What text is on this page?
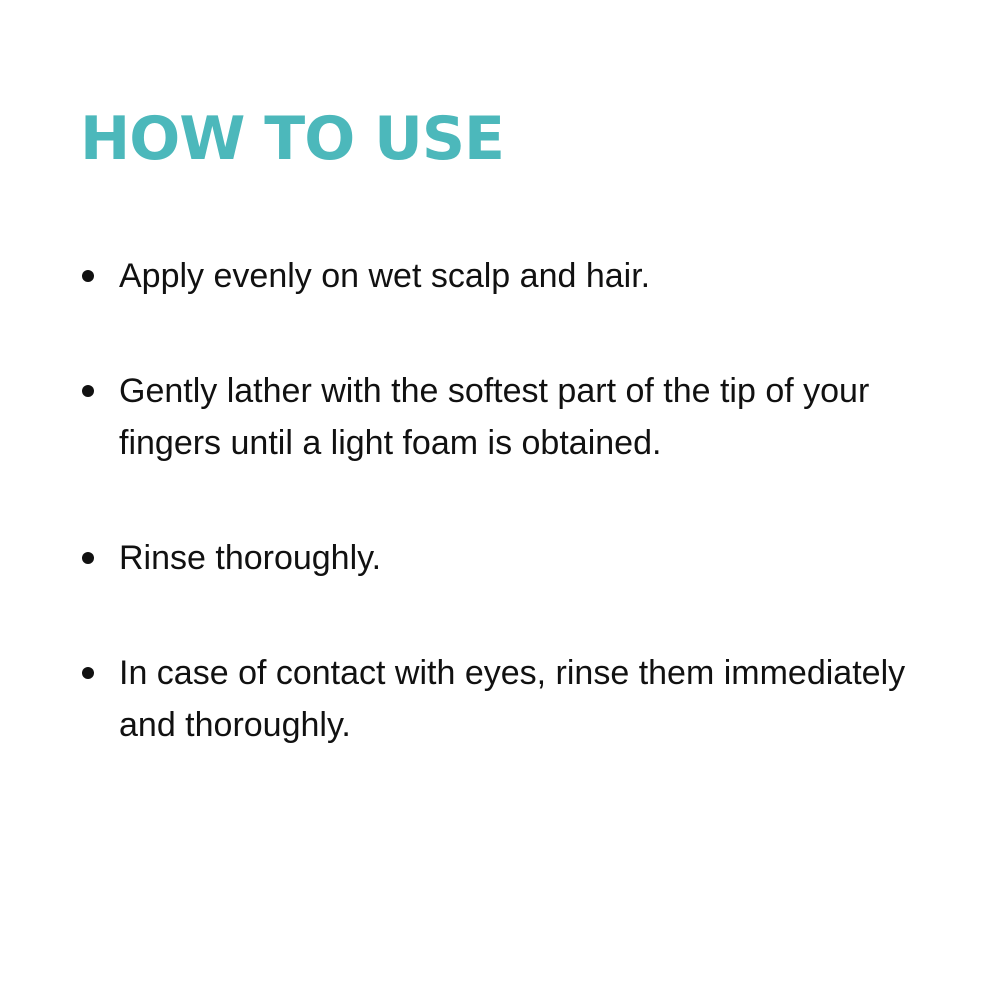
HOW TO USE
Apply evenly on wet scalp and hair.
Gently lather with the softest part of the tip of your fingers until a light foam is obtained.
Rinse thoroughly.
In case of contact with eyes, rinse them immediately and thoroughly.
